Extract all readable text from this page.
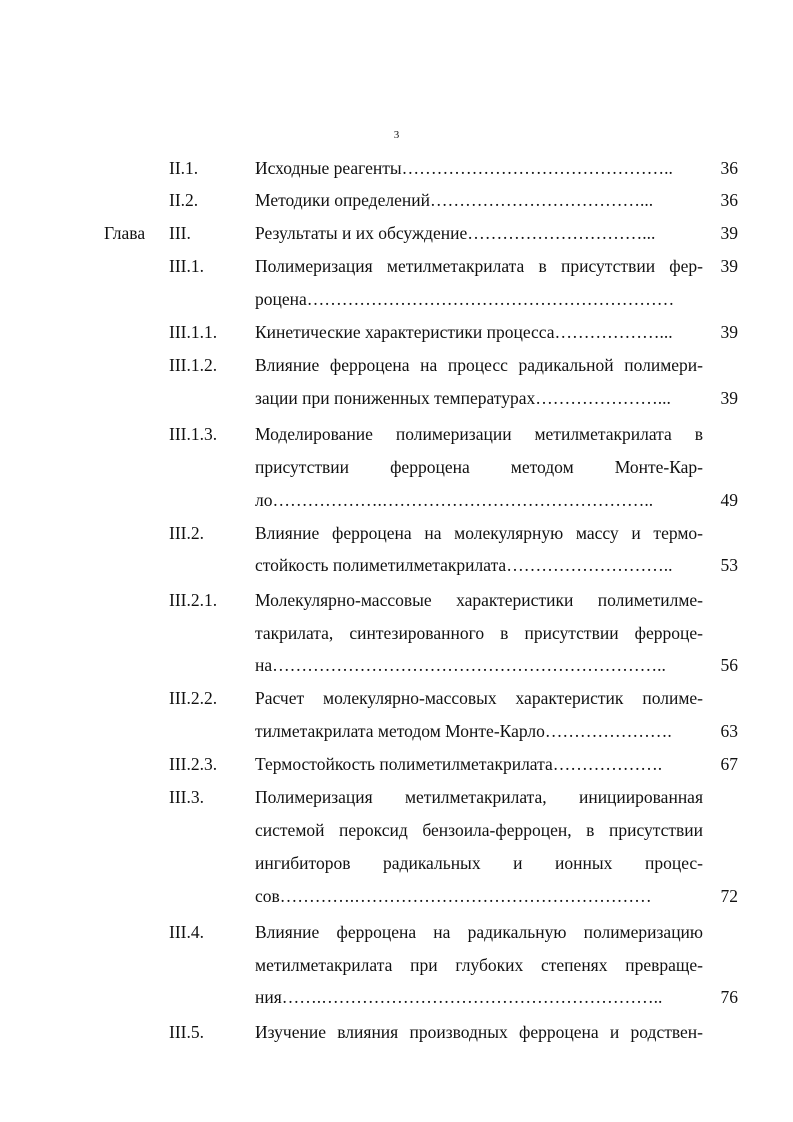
3
II.1.	Исходные реагенты………………………………………..	36
II.2.	Методики определений………………………………...	36
Глава	III.	Результаты и их обсуждение…………………………...	39
III.1.	Полимеризация метилметакрилата в присутствии фер-	39
роцена………………………………………………………
III.1.1.	Кинетические характеристики процесса………………...	39
III.1.2.	Влияние ферроцена на процесс радикальной полимери-
зации при пониженных температурах…………………...	39
III.1.3.	Моделирование полимеризации метилметакрилата в
присутствии ферроцена методом Монте-Кар-
ло……………….………………………………………..	49
III.2.	Влияние ферроцена на молекулярную массу и термо-
стойкость полиметилметакрилата………………………..	53
III.2.1.	Молекулярно-массовые характеристики полиметилме-
такрилата, синтезированного в присутствии ферроце-
на…………………………………………………………..	56
III.2.2.	Расчет молекулярно-массовых характеристик полиме-
тилметакрилата методом Монте-Карло………………….	63
III.2.3.	Термостойкость полиметилметакрилата……………….	67
III.3.	Полимеризация метилметакрилата, инициированная
системой пероксид бензоила-ферроцен, в присутствии
ингибиторов радикальных и ионных процес-
сов………….……………………………………………	72
III.4.	Влияние ферроцена на радикальную полимеризацию
метилметакрилата при глубоких степенях превраще-
ния…….…………………………………………………..	76
III.5.	Изучение влияния производных ферроцена и родствен-
